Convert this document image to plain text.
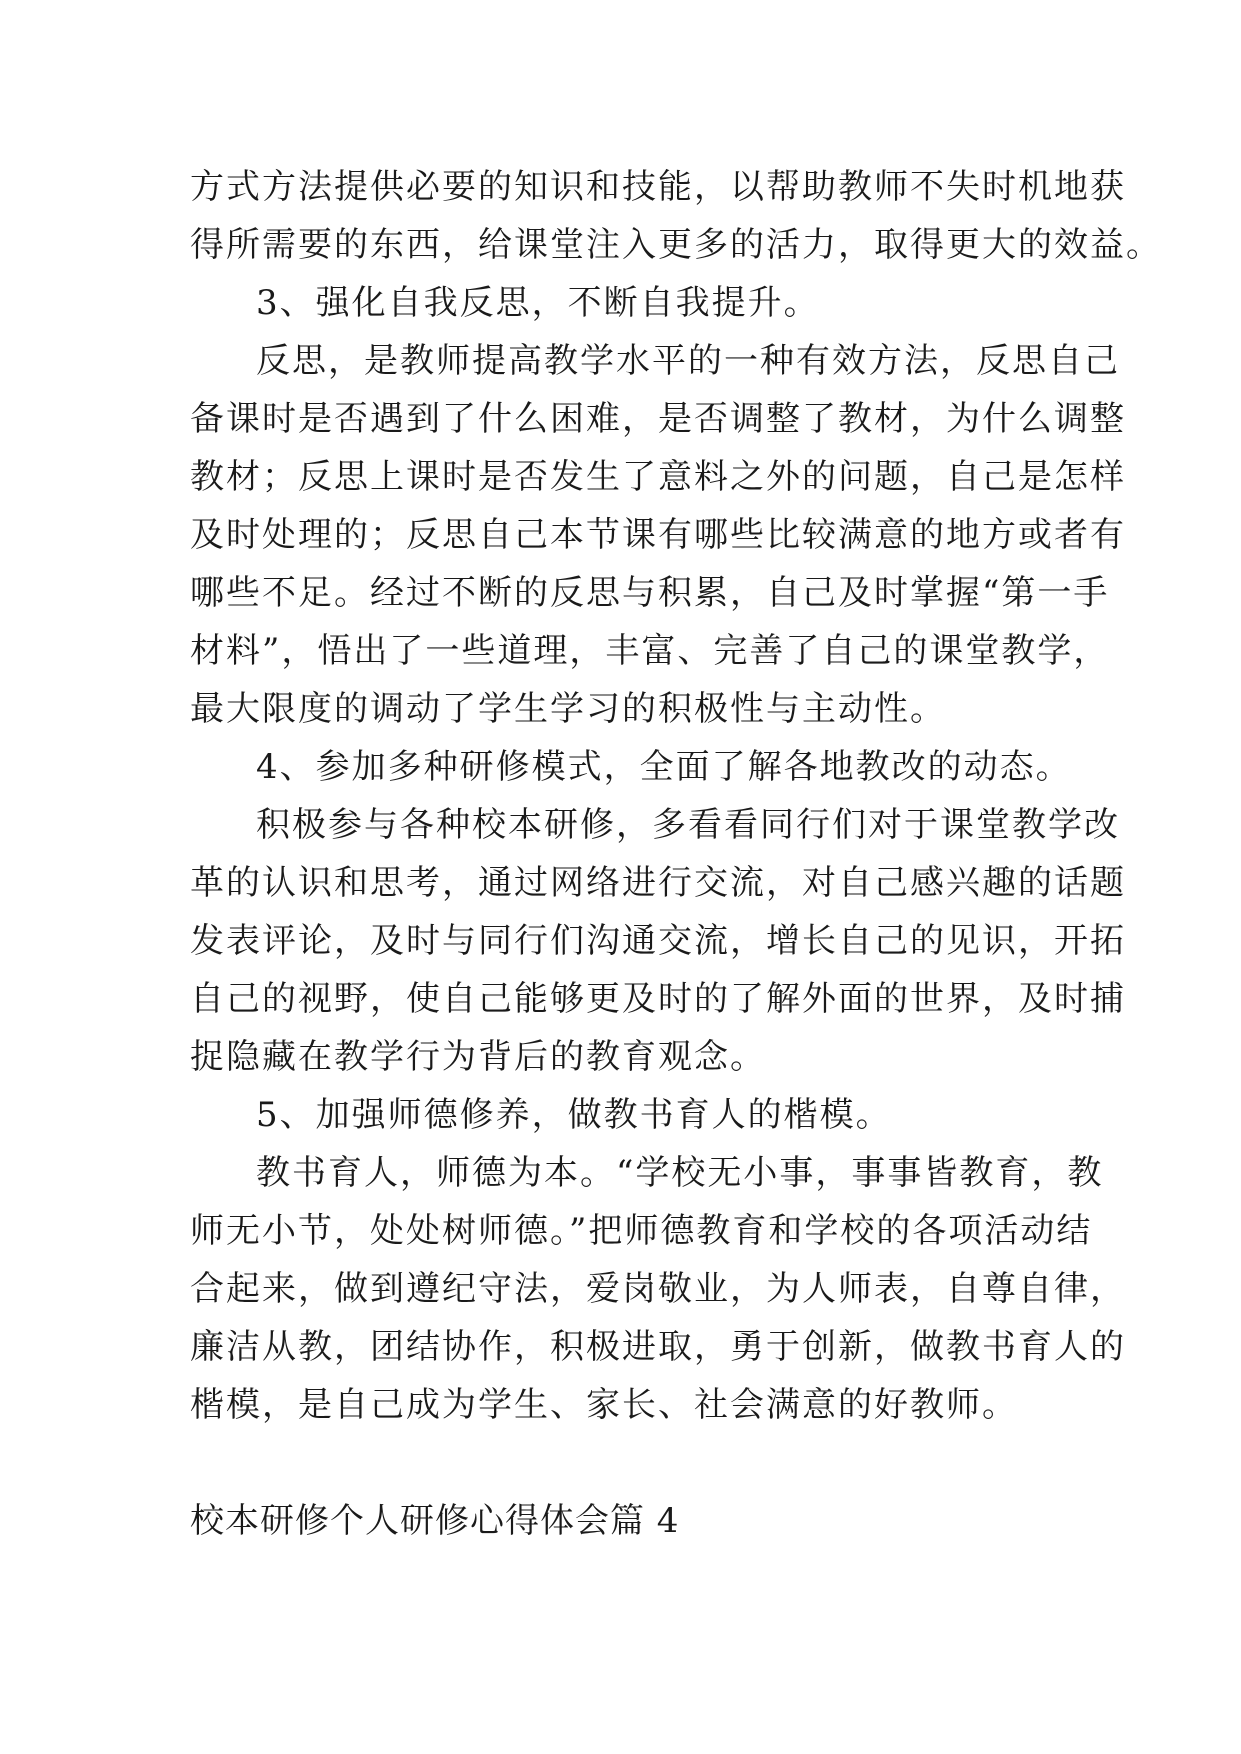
方式方法提供必要的知识和技能，以帮助教师不失时机地获
得所需要的东西，给课堂注入更多的活力，取得更大的效益。
3、强化自我反思，不断自我提升。
反思，是教师提高教学水平的一种有效方法，反思自己
备课时是否遇到了什么困难，是否调整了教材，为什么调整
教材；反思上课时是否发生了意料之外的问题，自己是怎样
及时处理的；反思自己本节课有哪些比较满意的地方或者有
哪些不足。经过不断的反思与积累，自己及时掌握“第一手
材料”，悟出了一些道理，丰富、完善了自己的课堂教学，
最大限度的调动了学生学习的积极性与主动性。
4、参加多种研修模式，全面了解各地教改的动态。
积极参与各种校本研修，多看看同行们对于课堂教学改
革的认识和思考，通过网络进行交流，对自己感兴趣的话题
发表评论，及时与同行们沟通交流，增长自己的见识，开拓
自己的视野，使自己能够更及时的了解外面的世界，及时捕
捉隐藏在教学行为背后的教育观念。
5、加强师德修养，做教书育人的楷模。
教书育人，师德为本。“学校无小事，事事皆教育，教
师无小节，处处树师德。”把师德教育和学校的各项活动结
合起来，做到遵纪守法，爱岗敬业，为人师表，自尊自律，
廉洁从教，团结协作，积极进取，勇于创新，做教书育人的
楷模，是自己成为学生、家长、社会满意的好教师。
校本研修个人研修心得体会篇 4
